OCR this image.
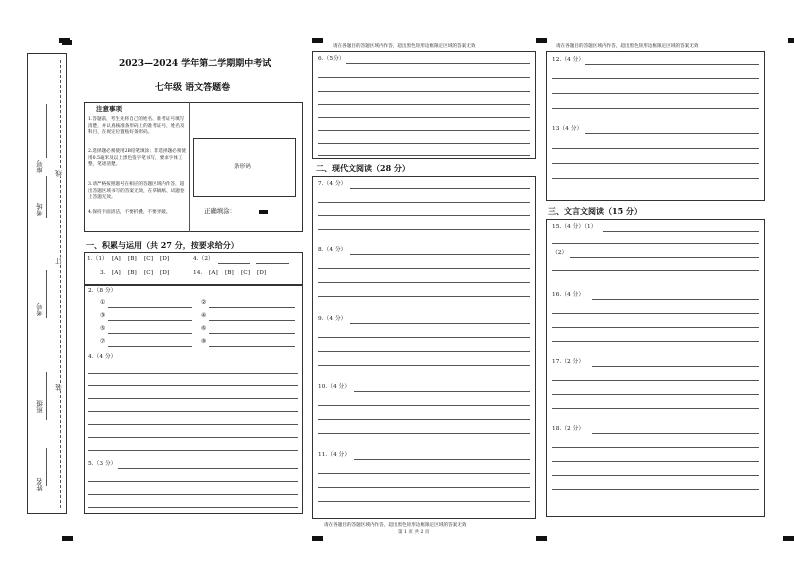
姓名
班级
考号
考场
座号
线
订
装
2023—2024 学年第二学期期中考试
七年级 语文答题卷
注意事项
1.答题前，考生先将自己的姓名、准考证号填写清楚，并认真核准条形码上的准考证号，姓名及科目，在规定位置贴好条形码。
2.选择题必须使用2B铅笔填涂；非选择题必须使用0.5毫米及以上黑色签字笔书写，要求字体工整，笔迹清楚。
3.请严格按照题号在相应的答题区域内作答，超出答题区域书写的答案无效，在草稿纸、试题卷上答题无效。
4.保持卡面清洁，不要折叠，不要弄破。
条形码
正确填涂：
一、积累与运用（共 27 分，按要求给分）
1.（1） [A] [B] [C] [D]	4.（2）
3. [A] [B] [C] [D]	14. [A] [B] [C] [D]
2.（8 分）
①	②
③	④
⑤	⑥
⑦	⑧
4.（4 分）
5.（3 分）
请在各题目的答题区域内作答，超出黑色矩形边框限定区域的答案无效
6.（5分）
二、现代文阅读（28 分）
7.（4 分）
8.（4 分）
9.（4 分）
10.（4 分）
11.（4 分）
请在各题目的答题区域内作答，超出黑色矩形边框限定区域的答案无效
12.（4 分）
13（4 分）
三、文言文阅读（15 分）
15.（4 分）（1）
（2）
16.（4 分）
17.（2 分）
18.（2 分）
请在各题目的答题区域内作答，超出黑色矩形边框限定区域的答案无效
第 1 页 共 2 页
